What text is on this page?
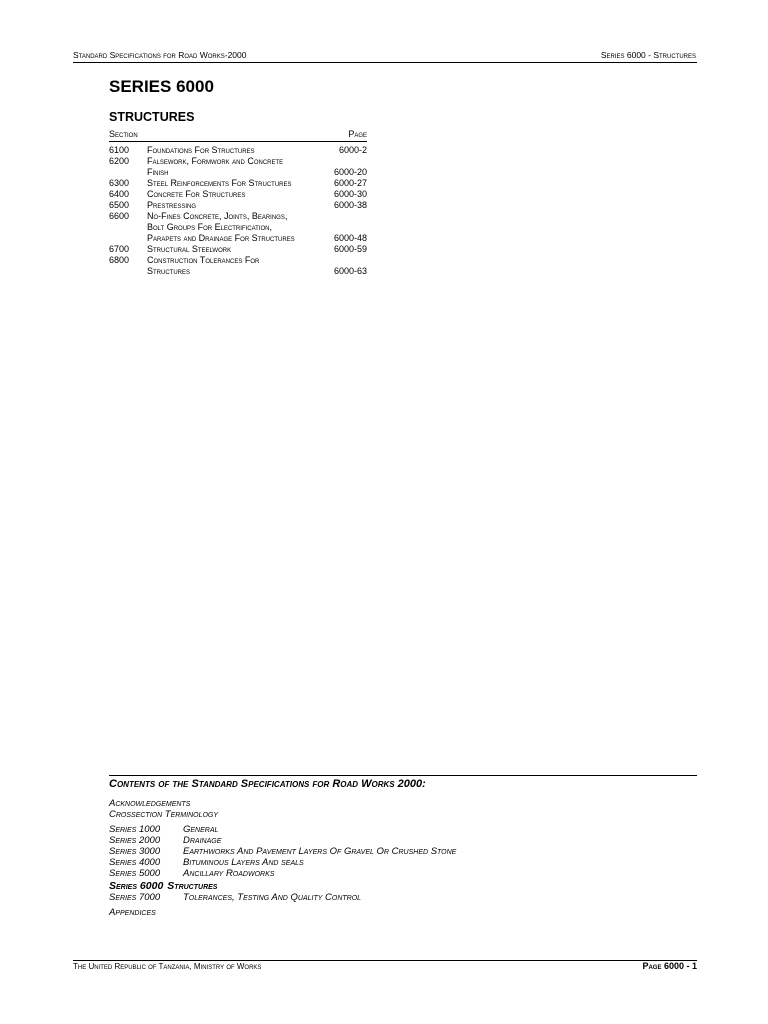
Standard Specifications for Road Works-2000	Series 6000 - Structures
SERIES 6000
STRUCTURES
Section	Page
6100	Foundations For Structures	6000-2
6200	Falsework, Formwork and Concrete Finish	6000-20
6300	Steel Reinforcements For Structures	6000-27
6400	Concrete For Structures	6000-30
6500	Prestressing	6000-38
6600	No-Fines Concrete, Joints, Bearings, Bolt Groups For Electrification, Parapets and Drainage For Structures	6000-48
6700	Structural Steelwork	6000-59
6800	Construction Tolerances For Structures	6000-63
Contents of the Standard Specifications for Road Works 2000:
Acknowledgements
Crossection Terminology
Series 1000	General
Series 2000	Drainage
Series 3000	Earthworks And Pavement Layers Of Gravel Or Crushed Stone
Series 4000	Bituminous Layers And seals
Series 5000	Ancillary Roadworks
Series 6000 Structures
Series 7000	Tolerances, Testing And Quality Control
Appendices
The United Republic of Tanzania, Ministry of Works	Page 6000 - 1
